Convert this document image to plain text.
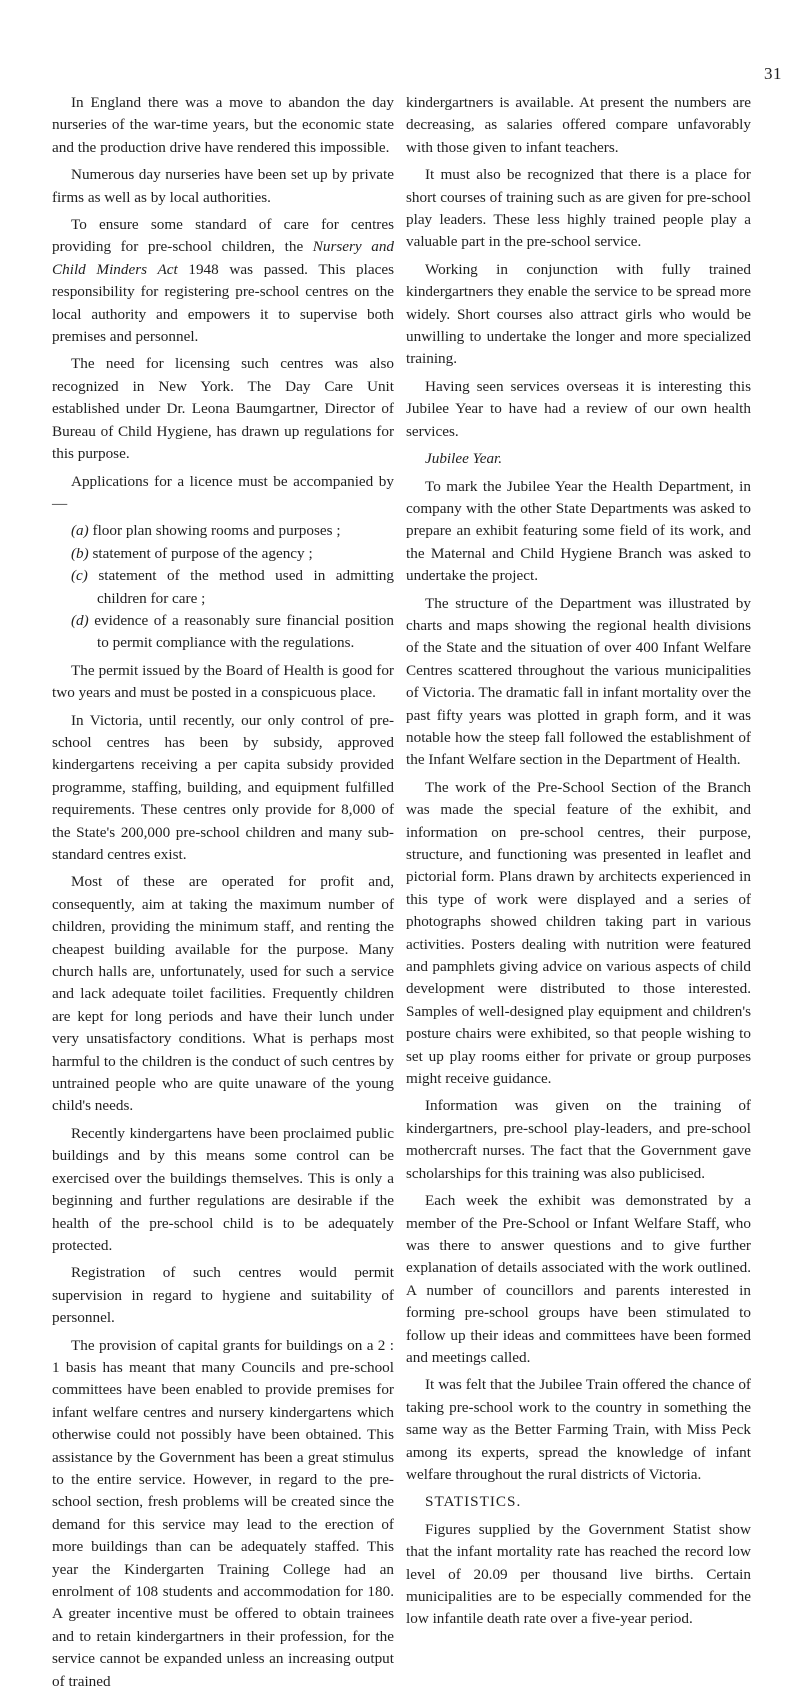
31

In England there was a move to abandon the day nurseries of the war-time years, but the economic state and the production drive have rendered this impossible.

Numerous day nurseries have been set up by private firms as well as by local authorities.

To ensure some standard of care for centres providing for pre-school children, the Nursery and Child Minders Act 1948 was passed. This places responsibility for registering pre-school centres on the local authority and empowers it to supervise both premises and personnel.

The need for licensing such centres was also recognized in New York. The Day Care Unit established under Dr. Leona Baumgartner, Director of Bureau of Child Hygiene, has drawn up regulations for this purpose.

Applications for a licence must be accompanied by—

(a) floor plan showing rooms and purposes ;
(b) statement of purpose of the agency ;
(c) statement of the method used in admitting children for care ;
(d) evidence of a reasonably sure financial position to permit compliance with the regulations.

The permit issued by the Board of Health is good for two years and must be posted in a conspicuous place.

In Victoria, until recently, our only control of pre-school centres has been by subsidy, approved kindergartens receiving a per capita subsidy provided programme, staffing, building, and equipment fulfilled requirements. These centres only provide for 8,000 of the State's 200,000 pre-school children and many sub-standard centres exist.

Most of these are operated for profit and, consequently, aim at taking the maximum number of children, providing the minimum staff, and renting the cheapest building available for the purpose. Many church halls are, unfortunately, used for such a service and lack adequate toilet facilities. Frequently children are kept for long periods and have their lunch under very unsatisfactory conditions. What is perhaps most harmful to the children is the conduct of such centres by untrained people who are quite unaware of the young child's needs.

Recently kindergartens have been proclaimed public buildings and by this means some control can be exercised over the buildings themselves. This is only a beginning and further regulations are desirable if the health of the pre-school child is to be adequately protected.

Registration of such centres would permit supervision in regard to hygiene and suitability of personnel.

The provision of capital grants for buildings on a 2 : 1 basis has meant that many Councils and pre-school committees have been enabled to provide premises for infant welfare centres and nursery kindergartens which otherwise could not possibly have been obtained. This assistance by the Government has been a great stimulus to the entire service. However, in regard to the pre-school section, fresh problems will be created since the demand for this service may lead to the erection of more buildings than can be adequately staffed. This year the Kindergarten Training College had an enrolment of 108 students and accommodation for 180. A greater incentive must be offered to obtain trainees and to retain kindergartners in their profession, for the service cannot be expanded unless an increasing output of trained

kindergartners is available. At present the numbers are decreasing, as salaries offered compare unfavorably with those given to infant teachers.

It must also be recognized that there is a place for short courses of training such as are given for pre-school play leaders. These less highly trained people play a valuable part in the pre-school service.

Working in conjunction with fully trained kindergartners they enable the service to be spread more widely. Short courses also attract girls who would be unwilling to undertake the longer and more specialized training.

Having seen services overseas it is interesting this Jubilee Year to have had a review of our own health services.

Jubilee Year.

To mark the Jubilee Year the Health Department, in company with the other State Departments was asked to prepare an exhibit featuring some field of its work, and the Maternal and Child Hygiene Branch was asked to undertake the project.

The structure of the Department was illustrated by charts and maps showing the regional health divisions of the State and the situation of over 400 Infant Welfare Centres scattered throughout the various municipalities of Victoria. The dramatic fall in infant mortality over the past fifty years was plotted in graph form, and it was notable how the steep fall followed the establishment of the Infant Welfare section in the Department of Health.

The work of the Pre-School Section of the Branch was made the special feature of the exhibit, and information on pre-school centres, their purpose, structure, and functioning was presented in leaflet and pictorial form. Plans drawn by architects experienced in this type of work were displayed and a series of photographs showed children taking part in various activities. Posters dealing with nutrition were featured and pamphlets giving advice on various aspects of child development were distributed to those interested. Samples of well-designed play equipment and children's posture chairs were exhibited, so that people wishing to set up play rooms either for private or group purposes might receive guidance.

Information was given on the training of kindergartners, pre-school play-leaders, and pre-school mothercraft nurses. The fact that the Government gave scholarships for this training was also publicised.

Each week the exhibit was demonstrated by a member of the Pre-School or Infant Welfare Staff, who was there to answer questions and to give further explanation of details associated with the work outlined. A number of councillors and parents interested in forming pre-school groups have been stimulated to follow up their ideas and committees have been formed and meetings called.

It was felt that the Jubilee Train offered the chance of taking pre-school work to the country in something the same way as the Better Farming Train, with Miss Peck among its experts, spread the knowledge of infant welfare throughout the rural districts of Victoria.

STATISTICS.

Figures supplied by the Government Statist show that the infant mortality rate has reached the record low level of 20.09 per thousand live births. Certain municipalities are to be especially commended for the low infantile death rate over a five-year period.
